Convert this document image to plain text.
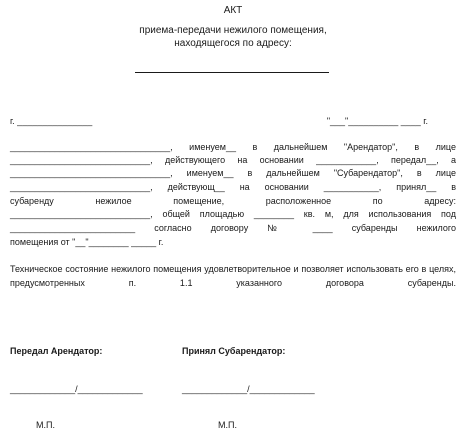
АКТ
приема-передачи нежилого помещения,
находящегося по адресу:
г. _______________	"___"__________ ____ г.
________________________________, именуем__ в дальнейшем "Арендатор", в лице
____________________________, действующего на основании ____________, передал__, а
________________________________, именуем__ в дальнейшем "Субарендатор", в лице
____________________________, действующ__ на основании ___________, принял__ в
субаренду нежилое помещение, расположенное по адресу:
____________________________, общей площадью ________ кв. м, для использования под
_________________________ согласно договору № ____ субаренды нежилого
помещения от "__"________ _____ г.
Техническое состояние нежилого помещения удовлетворительное и позволяет использовать его в целях, предусмотренных п. 1.1 указанного договора субаренды.
Передал Арендатор:	Принял Субарендатор:
_____________/_____________	_____________/_____________
М.П.	М.П.
